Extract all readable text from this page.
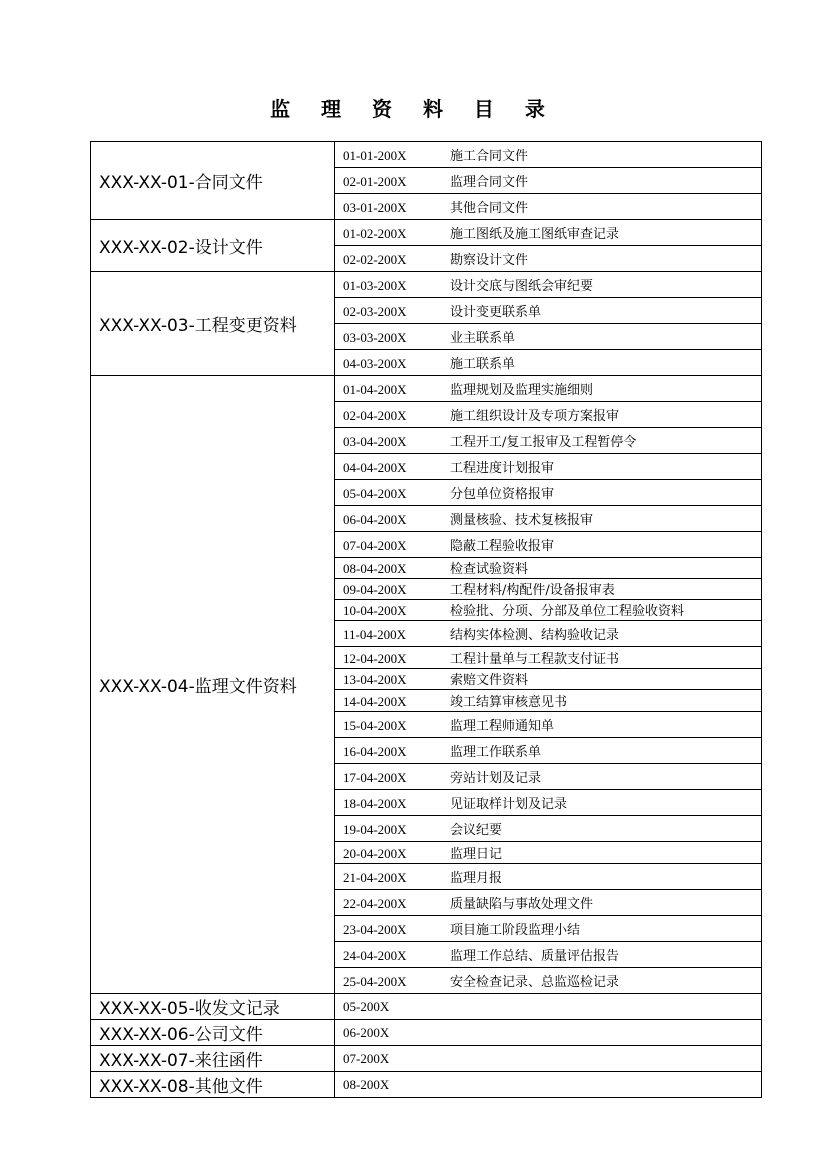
监 理 资 料 目 录
XXX-XX-01-合同文件	01-01-200X 施工合同文件
	02-01-200X 监理合同文件
	03-01-200X 其他合同文件
XXX-XX-02-设计文件	01-02-200X 施工图纸及施工图纸审查记录
	02-02-200X 勘察设计文件
XXX-XX-03-工程变更资料	01-03-200X 设计交底与图纸会审纪要
	02-03-200X 设计变更联系单
	03-03-200X 业主联系单
	04-03-200X 施工联系单
XXX-XX-04-监理文件资料	01-04-200X 监理规划及监理实施细则
	02-04-200X 施工组织设计及专项方案报审
	03-04-200X 工程开工/复工报审及工程暂停令
	04-04-200X 工程进度计划报审
	05-04-200X 分包单位资格报审
	06-04-200X 测量核验、技术复核报审
	07-04-200X 隐蔽工程验收报审
	08-04-200X 检查试验资料
	09-04-200X 工程材料/构配件/设备报审表
	10-04-200X 检验批、分项、分部及单位工程验收资料
	11-04-200X 结构实体检测、结构验收记录
	12-04-200X 工程计量单与工程款支付证书
	13-04-200X 索赔文件资料
	14-04-200X 竣工结算审核意见书
	15-04-200X 监理工程师通知单
	16-04-200X 监理工作联系单
	17-04-200X 旁站计划及记录
	18-04-200X 见证取样计划及记录
	19-04-200X 会议纪要
	20-04-200X 监理日记
	21-04-200X 监理月报
	22-04-200X 质量缺陷与事故处理文件
	23-04-200X 项目施工阶段监理小结
	24-04-200X 监理工作总结、质量评估报告
	25-04-200X 安全检查记录、总监巡检记录
XXX-XX-05-收发文记录	05-200X
XXX-XX-06-公司文件	06-200X
XXX-XX-07-来往函件	07-200X
XXX-XX-08-其他文件	08-200X
